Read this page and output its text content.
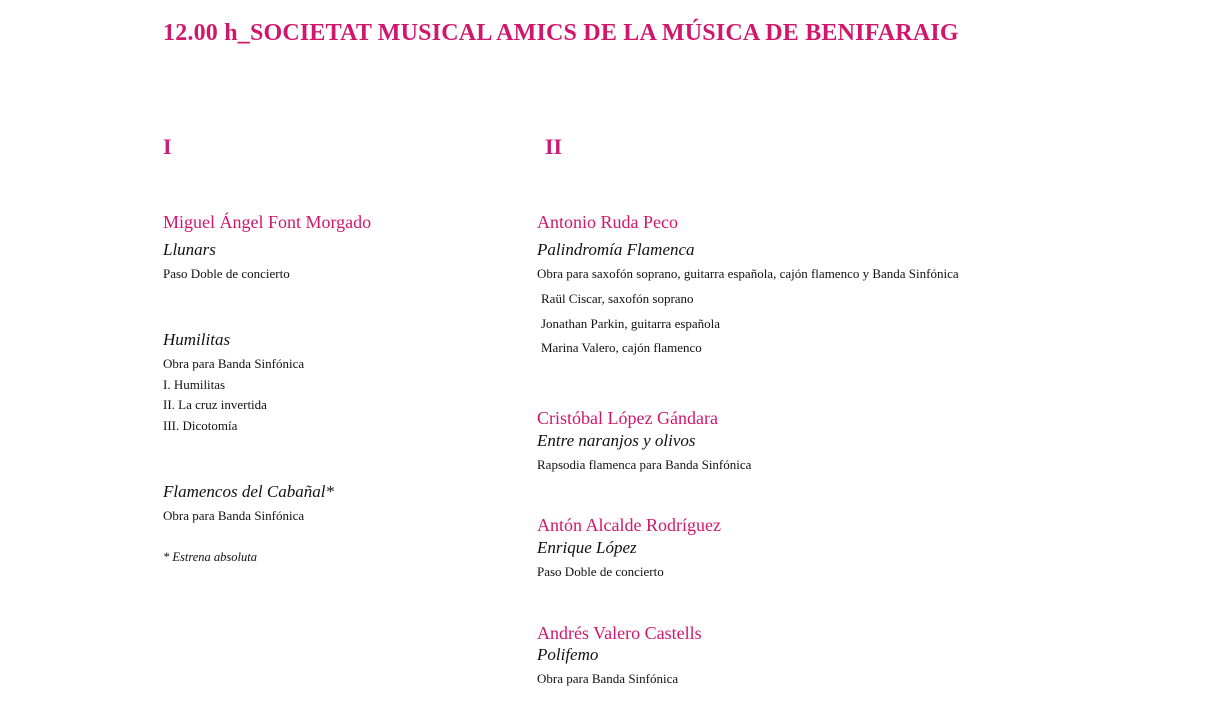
12.00 h_SOCIETAT MUSICAL AMICS DE LA MÚSICA DE BENIFARAIG
I
Miguel Ángel Font Morgado
Llunars
Paso Doble de concierto
Humilitas
Obra para Banda Sinfónica
I. Humilitas
II. La cruz invertida
III. Dicotomía
Flamencos del Cabañal*
Obra para Banda Sinfónica
* Estrena absoluta
II
Antonio Ruda Peco
Palindromía Flamenca
Obra para saxofón soprano, guitarra española, cajón flamenco y Banda Sinfónica
Raül Ciscar, saxofón soprano
Jonathan Parkin, guitarra española
Marina Valero, cajón flamenco
Cristóbal López Gándara
Entre naranjos y olivos
Rapsodia flamenca para Banda Sinfónica
Antón Alcalde Rodríguez
Enrique López
Paso Doble de concierto
Andrés Valero Castells
Polifemo
Obra para Banda Sinfónica
